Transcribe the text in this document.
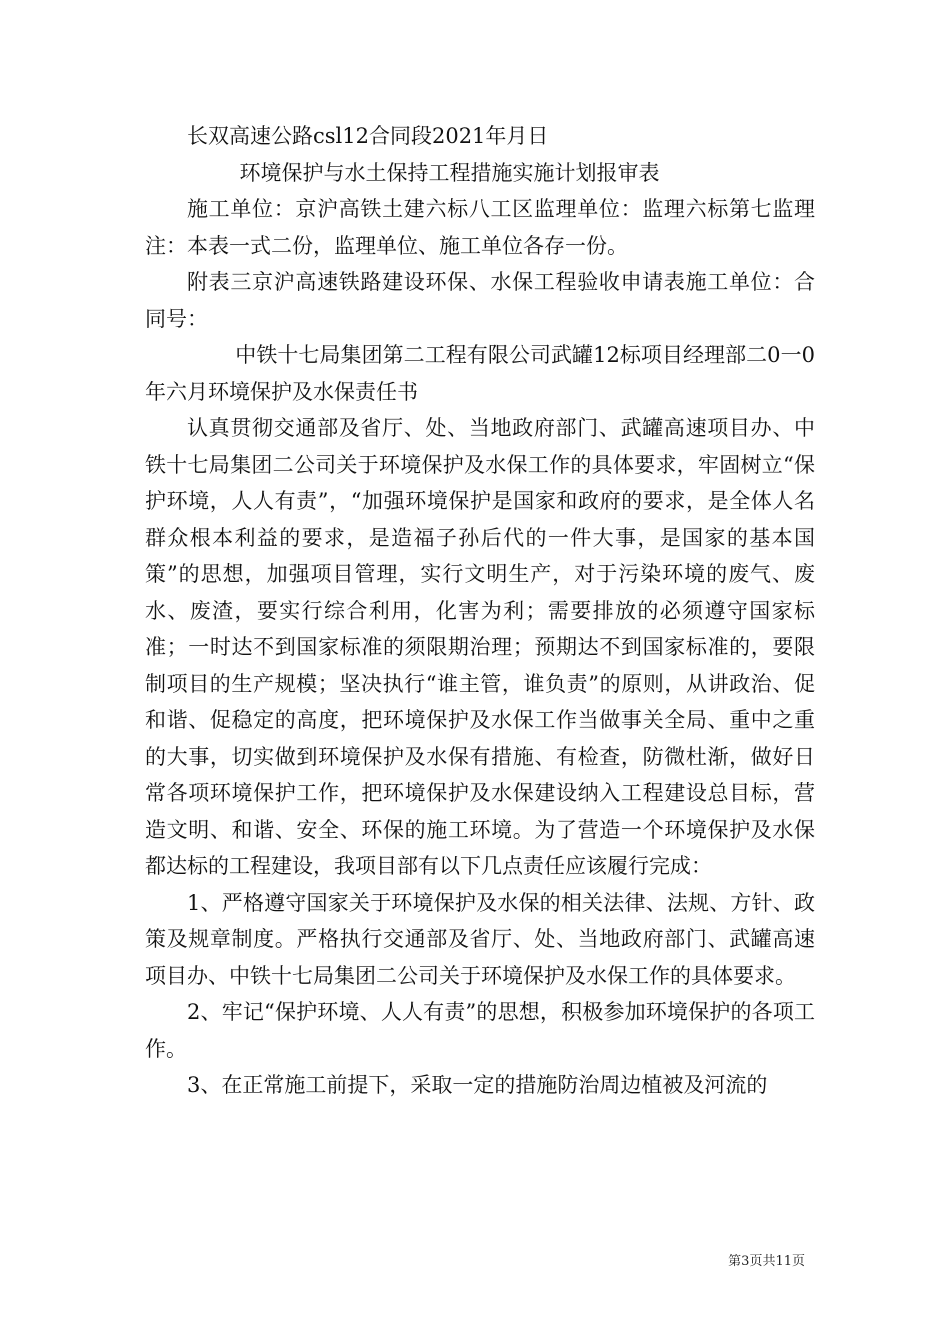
长双高速公路csl12合同段2021年月日

环境保护与水土保持工程措施实施计划报审表

施工单位：京沪高铁土建六标八工区监理单位：监理六标第七监理注：本表一式二份，监理单位、施工单位各存一份。

附表三京沪高速铁路建设环保、水保工程验收申请表施工单位：合同号：

中铁十七局集团第二工程有限公司武罐12标项目经理部二0一0年六月环境保护及水保责任书

认真贯彻交通部及省厅、处、当地政府部门、武罐高速项目办、中铁十七局集团二公司关于环境保护及水保工作的具体要求，牢固树立“保护环境，人人有责”，“加强环境保护是国家和政府的要求，是全体人名群众根本利益的要求，是造福子孙后代的一件大事，是国家的基本国策”的思想，加强项目管理，实行文明生产，对于污染环境的废气、废水、废渣，要实行综合利用，化害为利；需要排放的必须遵守国家标准；一时达不到国家标准的须限期治理；预期达不到国家标准的，要限制项目的生产规模；坚决执行“谁主管，谁负责”的原则，从讲政治、促和谐、促稳定的高度，把环境保护及水保工作当做事关全局、重中之重的大事，切实做到环境保护及水保有措施、有检查，防微杜渐，做好日常各项环境保护工作，把环境保护及水保建设纳入工程建设总目标，营造文明、和谐、安全、环保的施工环境。为了营造一个环境保护及水保都达标的工程建设，我项目部有以下几点责任应该履行完成：

1、严格遵守国家关于环境保护及水保的相关法律、法规、方针、政策及规章制度。严格执行交通部及省厅、处、当地政府部门、武罐高速项目办、中铁十七局集团二公司关于环境保护及水保工作的具体要求。

2、牢记“保护环境、人人有责”的思想，积极参加环境保护的各项工作。

3、在正常施工前提下，采取一定的措施防治周边植被及河流的

第3页共11页
